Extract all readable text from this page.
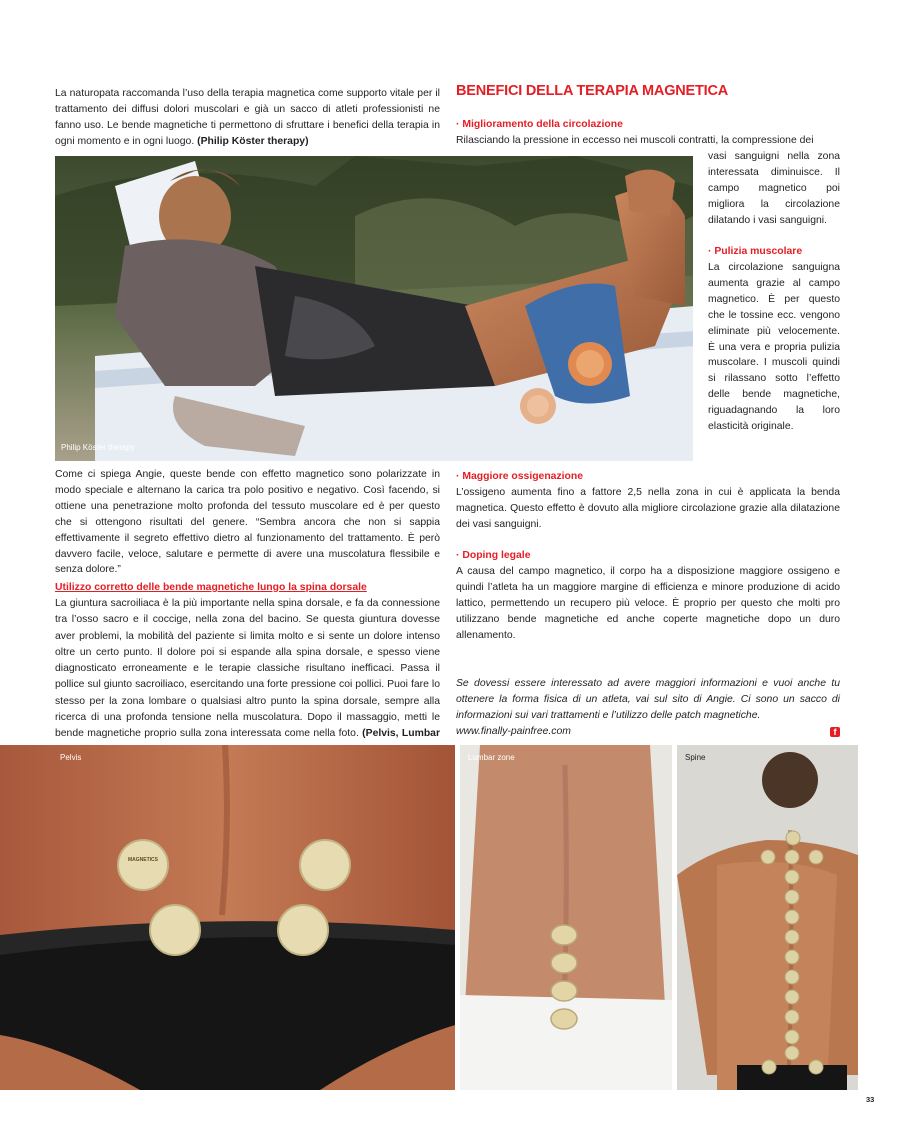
La naturopata raccomanda l’uso della terapia magnetica come supporto vitale per il trattamento dei diffusi dolori muscolari e già un sacco di atleti professionisti ne fanno uso. Le bende magnetiche ti permettono di sfruttare i benefici della terapia in ogni momento e in ogni luogo. (Philip Köster therapy)

Philip Köster therapy

Come ci spiega Angie, queste bende con effetto magnetico sono polarizzate in modo speciale e alternano la carica tra polo positivo e negativo. Così facendo, si ottiene una penetrazione molto profonda del tessuto muscolare ed è per questo che si ottengono risultati del genere. “Sembra ancora che non si sappia effettivamente il segreto effettivo dietro al funzionamento del trattamento. È però davvero facile, veloce, salutare e permette di avere una muscolatura flessibile e senza dolore.”

Utilizzo corretto delle bende magnetiche lungo la spina dorsale

La giuntura sacroiliaca è la più importante nella spina dorsale, e fa da connessione tra l’osso sacro e il coccige, nella zona del bacino. Se questa giuntura dovesse aver problemi, la mobilità del paziente si limita molto e si sente un dolore intenso oltre un certo punto. Il dolore poi si espande alla spina dorsale, e spesso viene diagnosticato erroneamente e le terapie classiche risultano inefficaci. Passa il pollice sul giunto sacroiliaco, esercitando una forte pressione coi pollici. Puoi fare lo stesso per la zona lombare o qualsiasi altro punto la spina dorsale, sempre alla ricerca di una profonda tensione nella muscolatura. Dopo il massaggio, metti le bende magnetiche proprio sulla zona interessata come nella foto. (Pelvis, Lumbar

BENEFICI DELLA TERAPIA MAGNETICA
· Miglioramento della circolazione

Rilasciando la pressione in eccesso nei muscoli contratti, la compressione dei

vasi sanguigni nella zona interessata diminuisce. Il campo magnetico poi migliora la circolazione dilatando i vasi sanguigni.

· Pulizia muscolare

La circolazione sanguigna aumenta grazie al campo magnetico. È per questo che le tossine ecc. vengono eliminate più velocemente. È una vera e propria pulizia muscolare. I muscoli quindi si rilassano sotto l’effetto delle bende magnetiche, riguadagnando la loro elasticità originale.

· Maggiore ossigenazione

L’ossigeno aumenta fino a fattore 2,5 nella zona in cui è applicata la benda magnetica. Questo effetto è dovuto alla migliore circolazione grazie alla dilatazione dei vasi sanguigni.

· Doping legale

A causa del campo magnetico, il corpo ha a disposizione maggiore ossigeno e quindi l’atleta ha un maggiore margine di efficienza e minore produzione di acido lattico, permettendo un recupero più veloce. È proprio per questo che molti pro utilizzano bende magnetiche ed anche coperte magnetiche dopo un duro allenamento.

Se dovessi essere interessato ad avere maggiori informazioni e vuoi anche tu ottenere la forma fisica di un atleta, vai sul sito di Angie. Ci sono un sacco di informazioni sui vari trattamenti e l’utilizzo delle patch magnetiche.

www.finally-painfree.com	f
Pelvis
MAGNETICS
Lumbar zone	Spine
33
